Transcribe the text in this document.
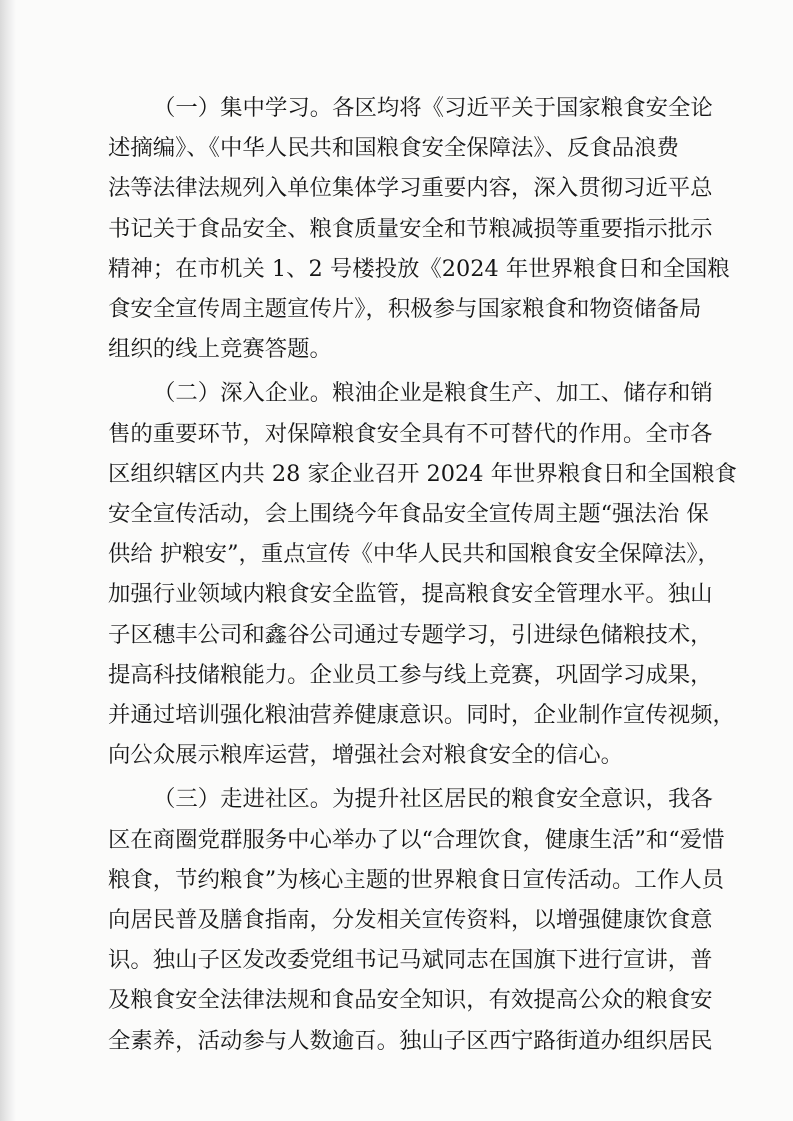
（一）集中学习。各区均将《习近平关于国家粮食安全论
述摘编》、《中华人民共和国粮食安全保障法》、反食品浪费
法等法律法规列入单位集体学习重要内容，深入贯彻习近平总
书记关于食品安全、粮食质量安全和节粮减损等重要指示批示
精神；在市机关 1、2 号楼投放《2024 年世界粮食日和全国粮
食安全宣传周主题宣传片》，积极参与国家粮食和物资储备局
组织的线上竞赛答题。
（二）深入企业。粮油企业是粮食生产、加工、储存和销
售的重要环节，对保障粮食安全具有不可替代的作用。全市各
区组织辖区内共 28 家企业召开 2024 年世界粮食日和全国粮食
安全宣传活动，会上围绕今年食品安全宣传周主题“强法治 保
供给 护粮安”，重点宣传《中华人民共和国粮食安全保障法》，
加强行业领域内粮食安全监管，提高粮食安全管理水平。独山
子区穗丰公司和鑫谷公司通过专题学习，引进绿色储粮技术，
提高科技储粮能力。企业员工参与线上竞赛，巩固学习成果，
并通过培训强化粮油营养健康意识。同时，企业制作宣传视频，
向公众展示粮库运营，增强社会对粮食安全的信心。
（三）走进社区。为提升社区居民的粮食安全意识，我各
区在商圈党群服务中心举办了以“合理饮食，健康生活”和“爱惜
粮食，节约粮食”为核心主题的世界粮食日宣传活动。工作人员
向居民普及膳食指南，分发相关宣传资料，以增强健康饮食意
识。独山子区发改委党组书记马斌同志在国旗下进行宣讲，普
及粮食安全法律法规和食品安全知识，有效提高公众的粮食安
全素养，活动参与人数逾百。独山子区西宁路街道办组织居民
